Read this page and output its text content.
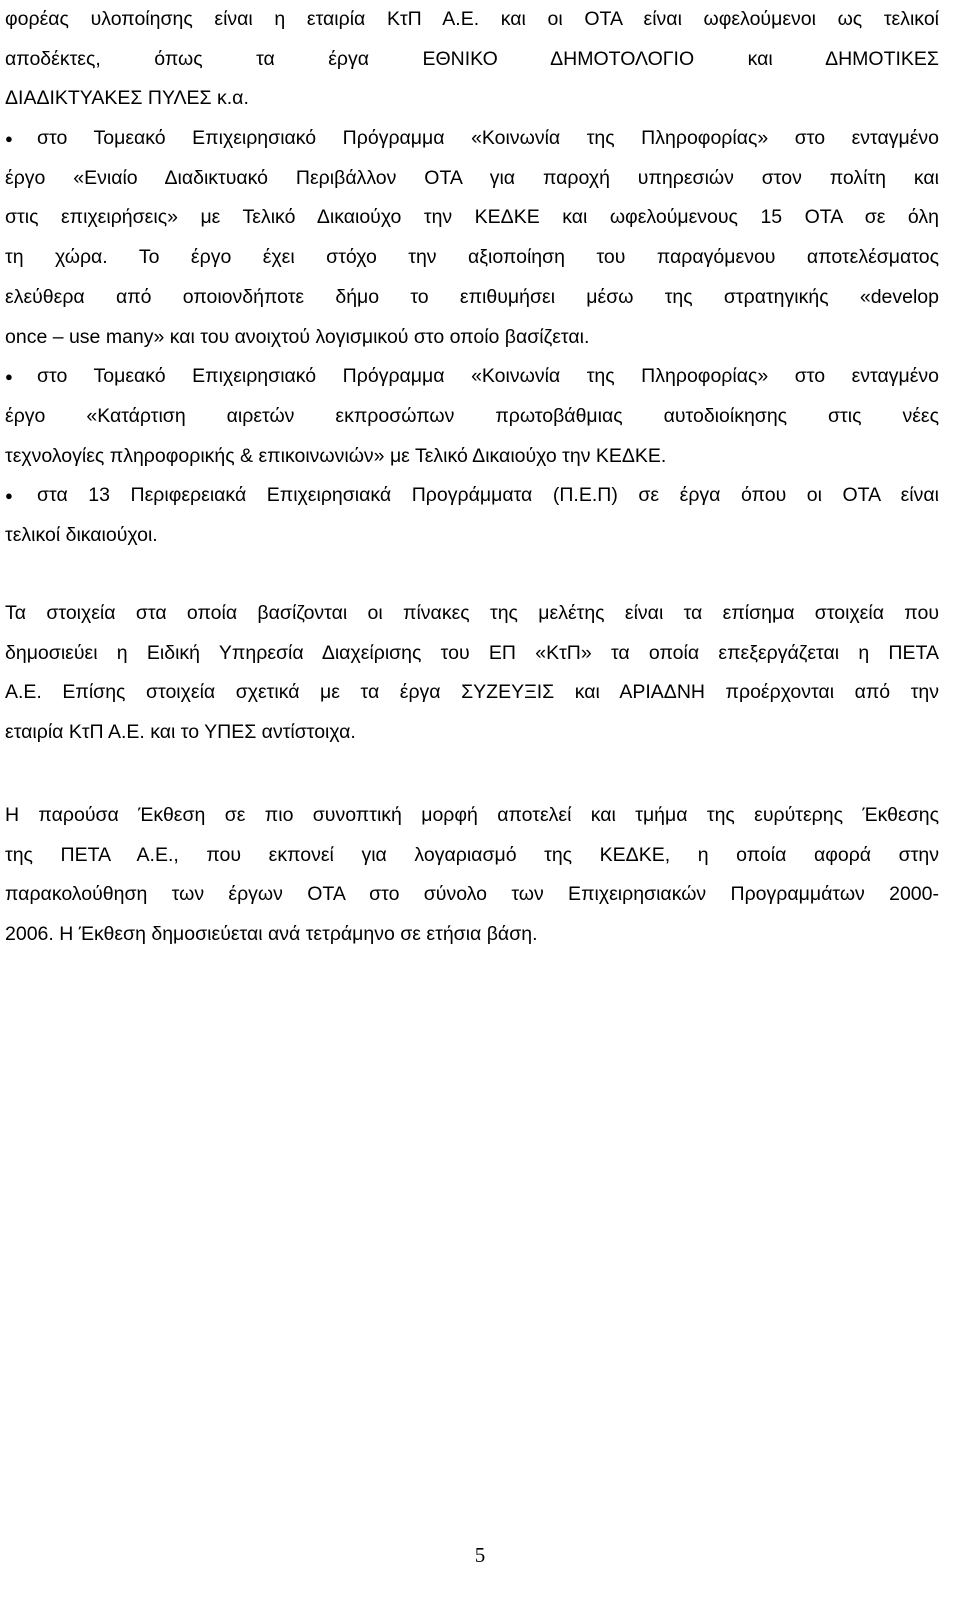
φορέας υλοποίησης είναι η εταιρία ΚτΠ Α.Ε. και οι ΟΤΑ είναι ωφελούμενοι ως τελικοί
αποδέκτες, όπως τα έργα ΕΘΝΙΚΟ ΔΗΜΟΤΟΛΟΓΙΟ και ΔΗΜΟΤΙΚΕΣ
ΔΙΑΔΙΚΤΥΑΚΕΣ ΠΥΛΕΣ κ.α.
●	στο Τομεακό Επιχειρησιακό Πρόγραμμα «Κοινωνία της Πληροφορίας» στο ενταγμένο
έργο «Ενιαίο Διαδικτυακό Περιβάλλον ΟΤΑ για παροχή υπηρεσιών στον πολίτη και
στις επιχειρήσεις» με Τελικό Δικαιούχο την ΚΕΔΚΕ και ωφελούμενους 15 ΟΤΑ σε όλη
τη χώρα. Το έργο έχει στόχο την αξιοποίηση του παραγόμενου αποτελέσματος
ελεύθερα από οποιονδήποτε δήμο το επιθυμήσει μέσω της στρατηγικής «develop
once – use many» και του ανοιχτού λογισμικού στο οποίο βασίζεται.
●	στο Τομεακό Επιχειρησιακό Πρόγραμμα «Κοινωνία της Πληροφορίας» στο ενταγμένο
έργο «Κατάρτιση αιρετών εκπροσώπων πρωτοβάθμιας αυτοδιοίκησης στις νέες
τεχνολογίες πληροφορικής & επικοινωνιών» με Τελικό Δικαιούχο την ΚΕΔΚΕ.
●	στα 13 Περιφερειακά Επιχειρησιακά Προγράμματα (Π.Ε.Π) σε έργα όπου οι ΟΤΑ είναι
τελικοί δικαιούχοι.
Τα στοιχεία στα οποία βασίζονται οι πίνακες της μελέτης είναι τα επίσημα στοιχεία που
δημοσιεύει η Ειδική Υπηρεσία Διαχείρισης του ΕΠ «ΚτΠ» τα οποία επεξεργάζεται η ΠΕΤΑ
Α.Ε. Επίσης στοιχεία σχετικά με τα έργα ΣΥΖΕΥΞΙΣ και ΑΡΙΑΔΝΗ προέρχονται από την
εταιρία ΚτΠ Α.Ε. και το ΥΠΕΣ αντίστοιχα.
Η παρούσα Έκθεση σε πιο συνοπτική μορφή αποτελεί και τμήμα της ευρύτερης Έκθεσης
της ΠΕΤΑ Α.Ε., που εκπονεί για λογαριασμό της ΚΕΔΚΕ, η οποία αφορά στην
παρακολούθηση των έργων ΟΤΑ στο σύνολο των Επιχειρησιακών Προγραμμάτων 2000-
2006. Η Έκθεση δημοσιεύεται ανά τετράμηνο σε ετήσια βάση.
5
